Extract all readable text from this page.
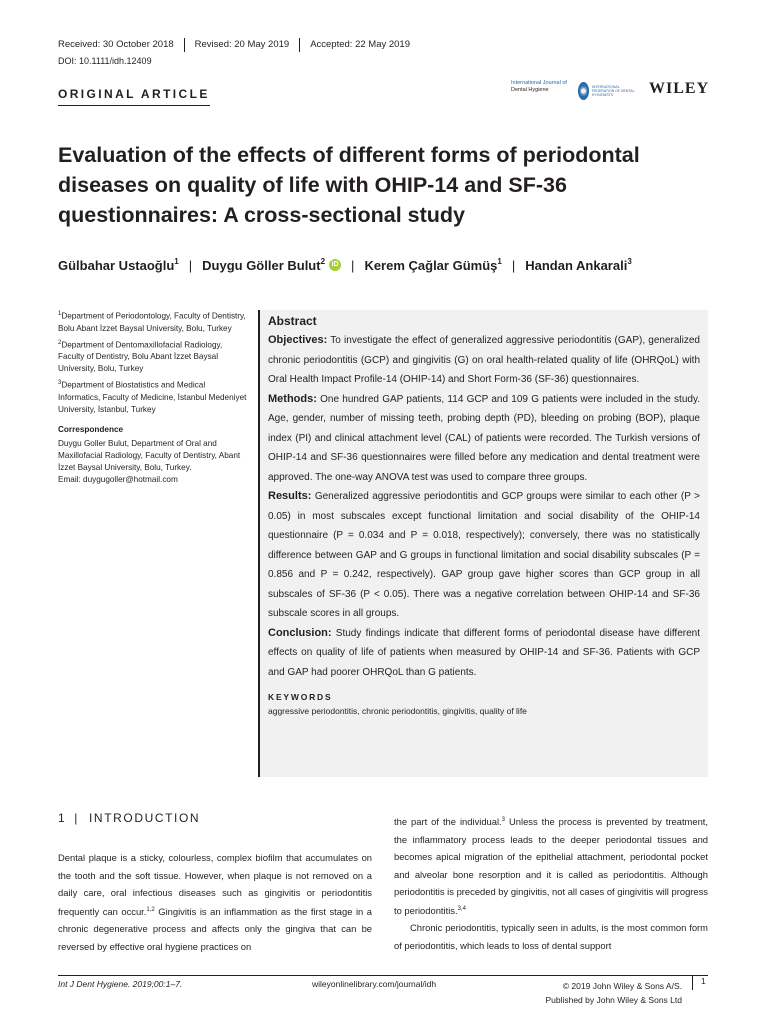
Received: 30 October 2018	Revised: 20 May 2019	Accepted: 22 May 2019
DOI: 10.1111/idh.12409
ORIGINAL ARTICLE
International Journal of
Dental Hygiene	INTERNATIONAL FEDERATION OF DENTAL HYGIENISTS	WILEY
Evaluation of the effects of different forms of periodontal diseases on quality of life with OHIP-14 and SF-36 questionnaires: A cross-sectional study
Gülbahar Ustaoğlu$^1$ | Duygu Göller Bulut$^2$ iD | Kerem Çağlar Gümüş$^1$ | Handan Ankarali$^3$

$^1$Department of Periodontology, Faculty of Dentistry, Bolu Abant İzzet Baysal University, Bolu, Turkey

$^2$Department of Dentomaxillofacial Radiology, Faculty of Dentistry, Bolu Abant İzzet Baysal University, Bolu, Turkey

$^3$Department of Biostatistics and Medical Informatics, Faculty of Medicine, İstanbul Medeniyet University, İstanbul, Turkey

Correspondence

Duygu Goller Bulut, Department of Oral and Maxillofacial Radiology, Faculty of Dentistry, Abant İzzet Baysal University, Bolu, Turkey.

Email: duygugoller@hotmail.com

Abstract

Objectives: To investigate the effect of generalized aggressive periodontitis (GAP), generalized chronic periodontitis (GCP) and gingivitis (G) on oral health-related quality of life (OHRQoL) with Oral Health Impact Profile-14 (OHIP-14) and Short Form-36 (SF-36) questionnaires.

Methods: One hundred GAP patients, 114 GCP and 109 G patients were included in the study. Age, gender, number of missing teeth, probing depth (PD), bleeding on probing (BOP), plaque index (PI) and clinical attachment level (CAL) of patients were recorded. The Turkish versions of OHIP-14 and SF-36 questionnaires were filled before any medication and dental treatment were approved. The one-way ANOVA test was used to compare three groups.

Results: Generalized aggressive periodontitis and GCP groups were similar to each other (P > 0.05) in most subscales except functional limitation and social disability of the OHIP-14 questionnaire (P = 0.034 and P = 0.018, respectively); conversely, there was no statistically difference between GAP and G groups in functional limitation and social disability subscales (P = 0.856 and P = 0.242, respectively). GAP group gave higher scores than GCP group in all subscales of SF-36 (P < 0.05). There was a negative correlation between OHIP-14 and SF-36 subscale scores in all groups.

Conclusion: Study findings indicate that different forms of periodontal disease have different effects on quality of life of patients when measured by OHIP-14 and SF-36. Patients with GCP and GAP had poorer OHRQoL than G patients.

KEYWORDS

aggressive periodontitis, chronic periodontitis, gingivitis, quality of life

1 | INTRODUCTION

Dental plaque is a sticky, colourless, complex biofilm that accumulates on the tooth and the soft tissue. However, when plaque is not removed on a daily care, oral infectious diseases such as gingivitis or periodontitis frequently can occur.$^{1,2}$ Gingivitis is an inflammation as the first stage in a chronic degenerative process and affects only the gingiva that can be reversed by effective oral hygiene practices on

the part of the individual.$^3$ Unless the process is prevented by treatment, the inflammatory process leads to the deeper periodontal tissues and becomes apical migration of the epithelial attachment, periodontal pocket and alveolar bone resorption and it is called as periodontitis. Although periodontitis is preceded by gingivitis, not all cases of gingivitis will progress to periodontitis.$^{3,4}$

Chronic periodontitis, typically seen in adults, is the most common form of periodontitis, which leads to loss of dental support

Int J Dent Hygiene. 2019;00:1–7.	wileyonlinelibrary.com/journal/idh	© 2019 John Wiley & Sons A/S.
Published by John Wiley & Sons Ltd
1
